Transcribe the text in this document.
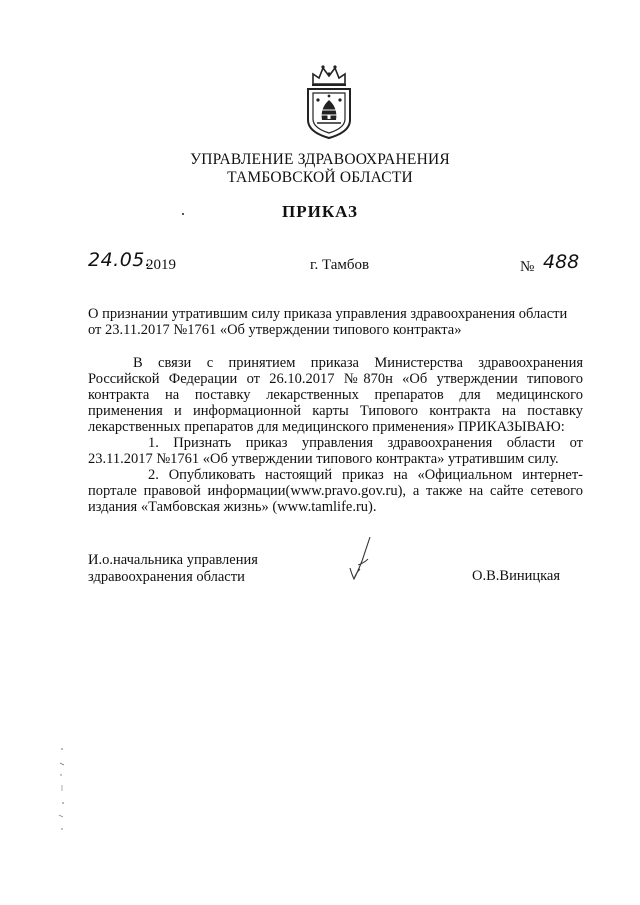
УПРАВЛЕНИЕ ЗДРАВООХРАНЕНИЯ
ТАМБОВСКОЙ ОБЛАСТИ
ПРИКАЗ
24.05.
2019	г. Тамбов	№ 488
О признании утратившим силу приказа управления здравоохранения области
от 23.11.2017 №1761 «Об утверждении типового контракта»

В связи с принятием приказа Министерства здравоохранения Российской Федерации от 26.10.2017 №870н «Об утверждении типового контракта на поставку лекарственных препаратов для медицинского применения и информационной карты Типового контракта на поставку лекарственных препаратов для медицинского применения» ПРИКАЗЫВАЮ:

1. Признать приказ управления здравоохранения области от 23.11.2017 №1761 «Об утверждении типового контракта» утратившим силу.

2. Опубликовать настоящий приказ на «Официальном интернет-портале правовой информации(www.pravo.gov.ru), а также на сайте сетевого издания «Тамбовская жизнь» (www.tamlife.ru).

И.о.начальника управления
здравоохранения области	О.В.Виницкая
